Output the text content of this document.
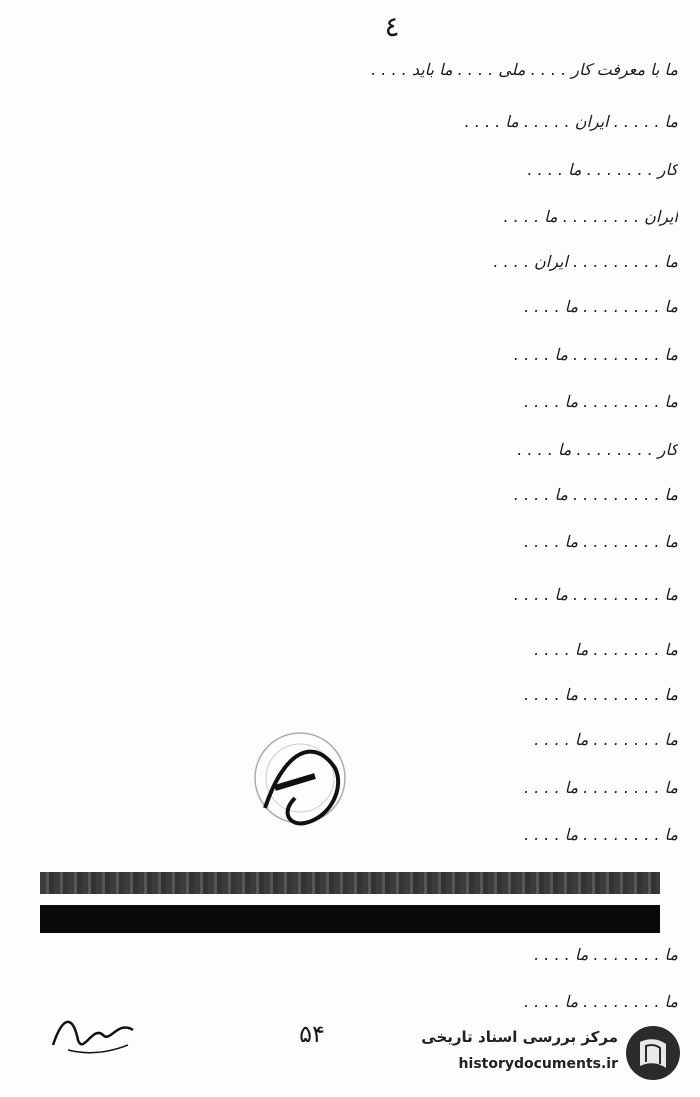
٤
ما با معرفت کار . . . . ملی . . . . ما باید . . . .
ما . . . . . ایران . . . . . ما . . . .
کار . . . . . . . ما . . . .
ایران . . . . . . . . ما . . . .
ما . . . . . . . . . ایران . . . .
ما . . . . . . . . ما . . . .
ما . . . . . . . . . ما . . . .
ما . . . . . . . . ما . . . .
کار . . . . . . . . ما . . . .
ما . . . . . . . . . ما . . . .
ما . . . . . . . . ما . . . .
ما . . . . . . . . . ما . . . .
ما . . . . . . . ما . . . .
ما . . . . . . . . ما . . . .
ما . . . . . . . ما . . . .
ما . . . . . . . . ما . . . .
ما . . . . . . . . ما . . . .
ما . . . . . . . ما . . . .
ما . . . . . . . . ما . . . .
۵۴	مرکز بررسی اسناد تاریخی
historydocuments.ir
